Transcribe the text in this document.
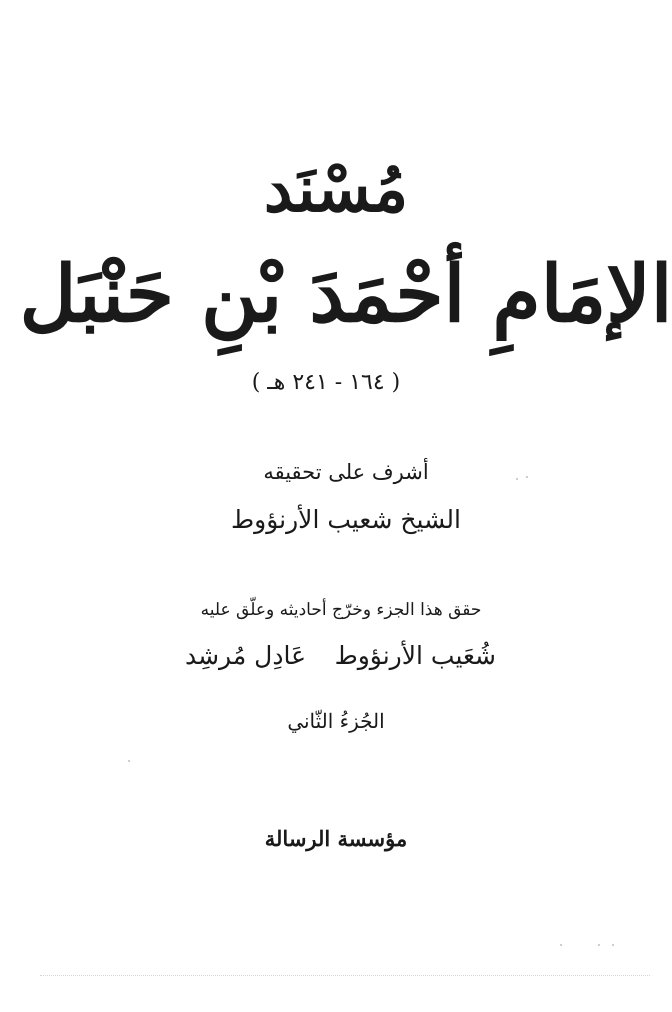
مُسْنَد
الإمَامِ أحْمَدَ بْنِ حَنْبَل
( ١٦٤ - ٢٤١ هـ )
أشرف على تحقيقه
الشيخ شعيب الأرنؤوط
حقق هذا الجزء وخرّج أحاديثه وعلّق عليه
شُعَيب الأرنؤوط
عَادِل مُرشِد
الجُزءُ الثّاني
مؤسسة الرسالة
